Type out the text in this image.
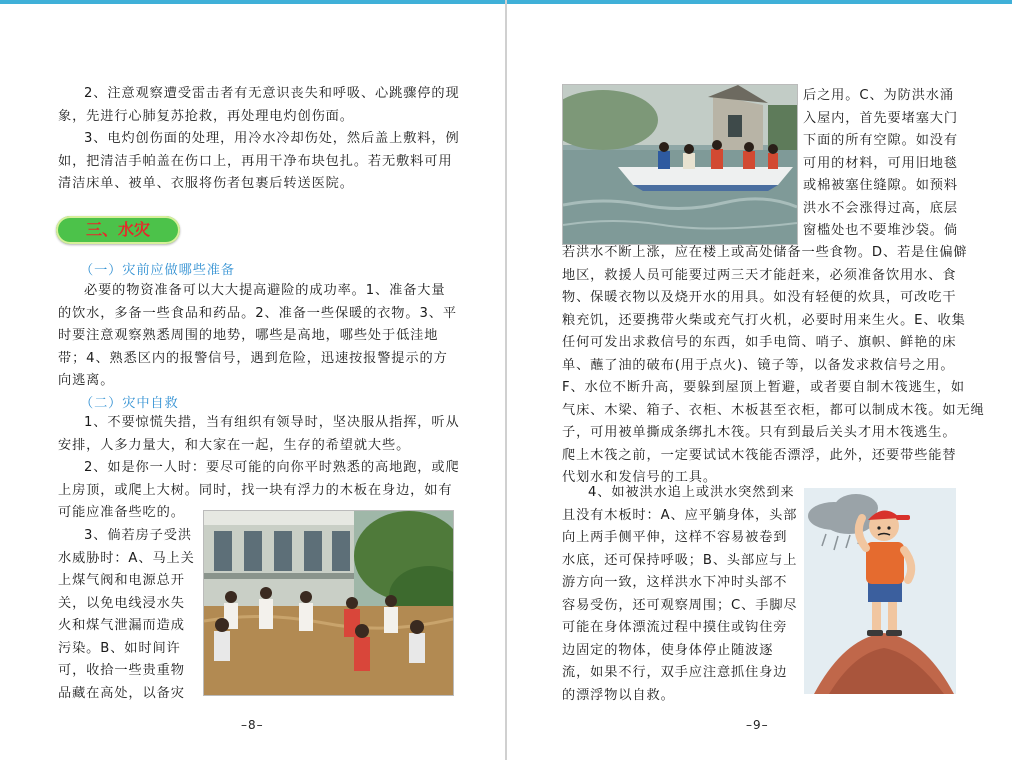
2、注意观察遭受雷击者有无意识丧失和呼吸、心跳骤停的现
象，先进行心肺复苏抢救，再处理电灼创伤面。
3、电灼创伤面的处理，用冷水冷却伤处，然后盖上敷料，例
如，把清洁手帕盖在伤口上，再用干净布块包扎。若无敷料可用
清洁床单、被单、衣服将伤者包裹后转送医院。
三、水灾
（一）灾前应做哪些准备
必要的物资准备可以大大提高避险的成功率。1、准备大量
的饮水，多备一些食品和药品。2、准备一些保暖的衣物。3、平
时要注意观察熟悉周围的地势，哪些是高地，哪些处于低洼地
带；4、熟悉区内的报警信号，遇到危险，迅速按报警提示的方
向逃离。
（二）灾中自救
1、不要惊慌失措，当有组织有领导时，坚决服从指挥，听从
安排，人多力量大，和大家在一起，生存的希望就大些。
2、如是你一人时：要尽可能的向你平时熟悉的高地跑，或爬
上房顶，或爬上大树。同时，找一块有浮力的木板在身边，如有
可能应准备些吃的。
3、倘若房子受洪
水威胁时：A、马上关
上煤气阀和电源总开
关，以免电线浸水失
火和煤气泄漏而造成
污染。B、如时间许
可，收拾一些贵重物
品藏在高处，以备灾
–8–
后之用。C、为防洪水涌
入屋内，首先要堵塞大门
下面的所有空隙。如没有
可用的材料，可用旧地毯
或棉被塞住缝隙。如预料
洪水不会涨得过高，底层
窗槛处也不要堆沙袋。倘
若洪水不断上涨，应在楼上或高处储备一些食物。D、若是住偏僻
地区，救援人员可能要过两三天才能赶来，必须准备饮用水、食
物、保暖衣物以及烧开水的用具。如没有轻便的炊具，可改吃干
粮充饥，还要携带火柴或充气打火机，必要时用来生火。E、收集
任何可发出求救信号的东西，如手电筒、哨子、旗帜、鲜艳的床
单、蘸了油的破布(用于点火)、镜子等，以备发求救信号之用。
F、水位不断升高，要躲到屋顶上暂避，或者要自制木筏逃生，如
气床、木梁、箱子、衣柜、木板甚至衣柜，都可以制成木筏。如无绳
子，可用被单撕成条绑扎木筏。只有到最后关头才用木筏逃生。
爬上木筏之前，一定要试试木筏能否漂浮，此外，还要带些能替
代划水和发信号的工具。
4、如被洪水追上或洪水突然到来
且没有木板时：A、应平躺身体，头部
向上两手侧平伸，这样不容易被卷到
水底，还可保持呼吸；B、头部应与上
游方向一致，这样洪水下冲时头部不
容易受伤，还可观察周围；C、手脚尽
可能在身体漂流过程中摸住或钩住旁
边固定的物体，使身体停止随波逐
流，如果不行，双手应注意抓住身边
的漂浮物以自救。
–9–
